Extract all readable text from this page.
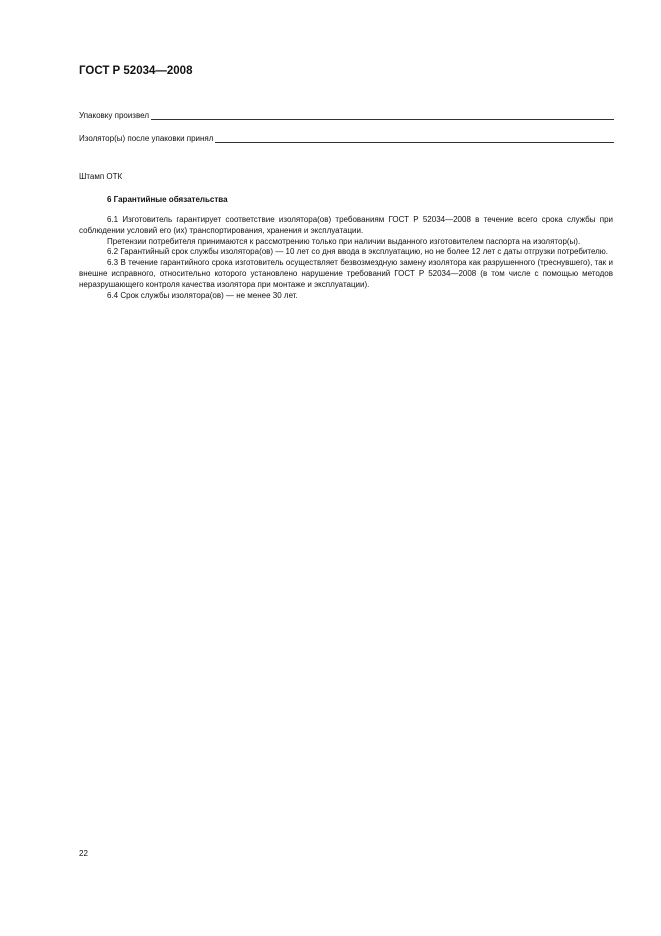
ГОСТ Р 52034—2008
Упаковку произвел
Изолятор(ы) после упаковки принял
Штамп ОТК
6 Гарантийные обязательства

6.1 Изготовитель гарантирует соответствие изолятора(ов) требованиям ГОСТ Р 52034—2008 в течение всего срока службы при соблюдении условий его (их) транспортирования, хранения и эксплуатации.

Претензии потребителя принимаются к рассмотрению только при наличии выданного изготовителем паспорта на изолятор(ы).

6.2 Гарантийный срок службы изолятора(ов) — 10 лет со дня ввода в эксплуатацию, но не более 12 лет с даты отгрузки потребителю.

6.3 В течение гарантийного срока изготовитель осуществляет безвозмездную замену изолятора как разрушенного (треснувшего), так и внешне исправного, относительно которого установлено нарушение требований ГОСТ Р 52034—2008 (в том числе с помощью методов неразрушающего контроля качества изолятора при монтаже и эксплуатации).

6.4 Срок службы изолятора(ов) — не менее 30 лет.

22
